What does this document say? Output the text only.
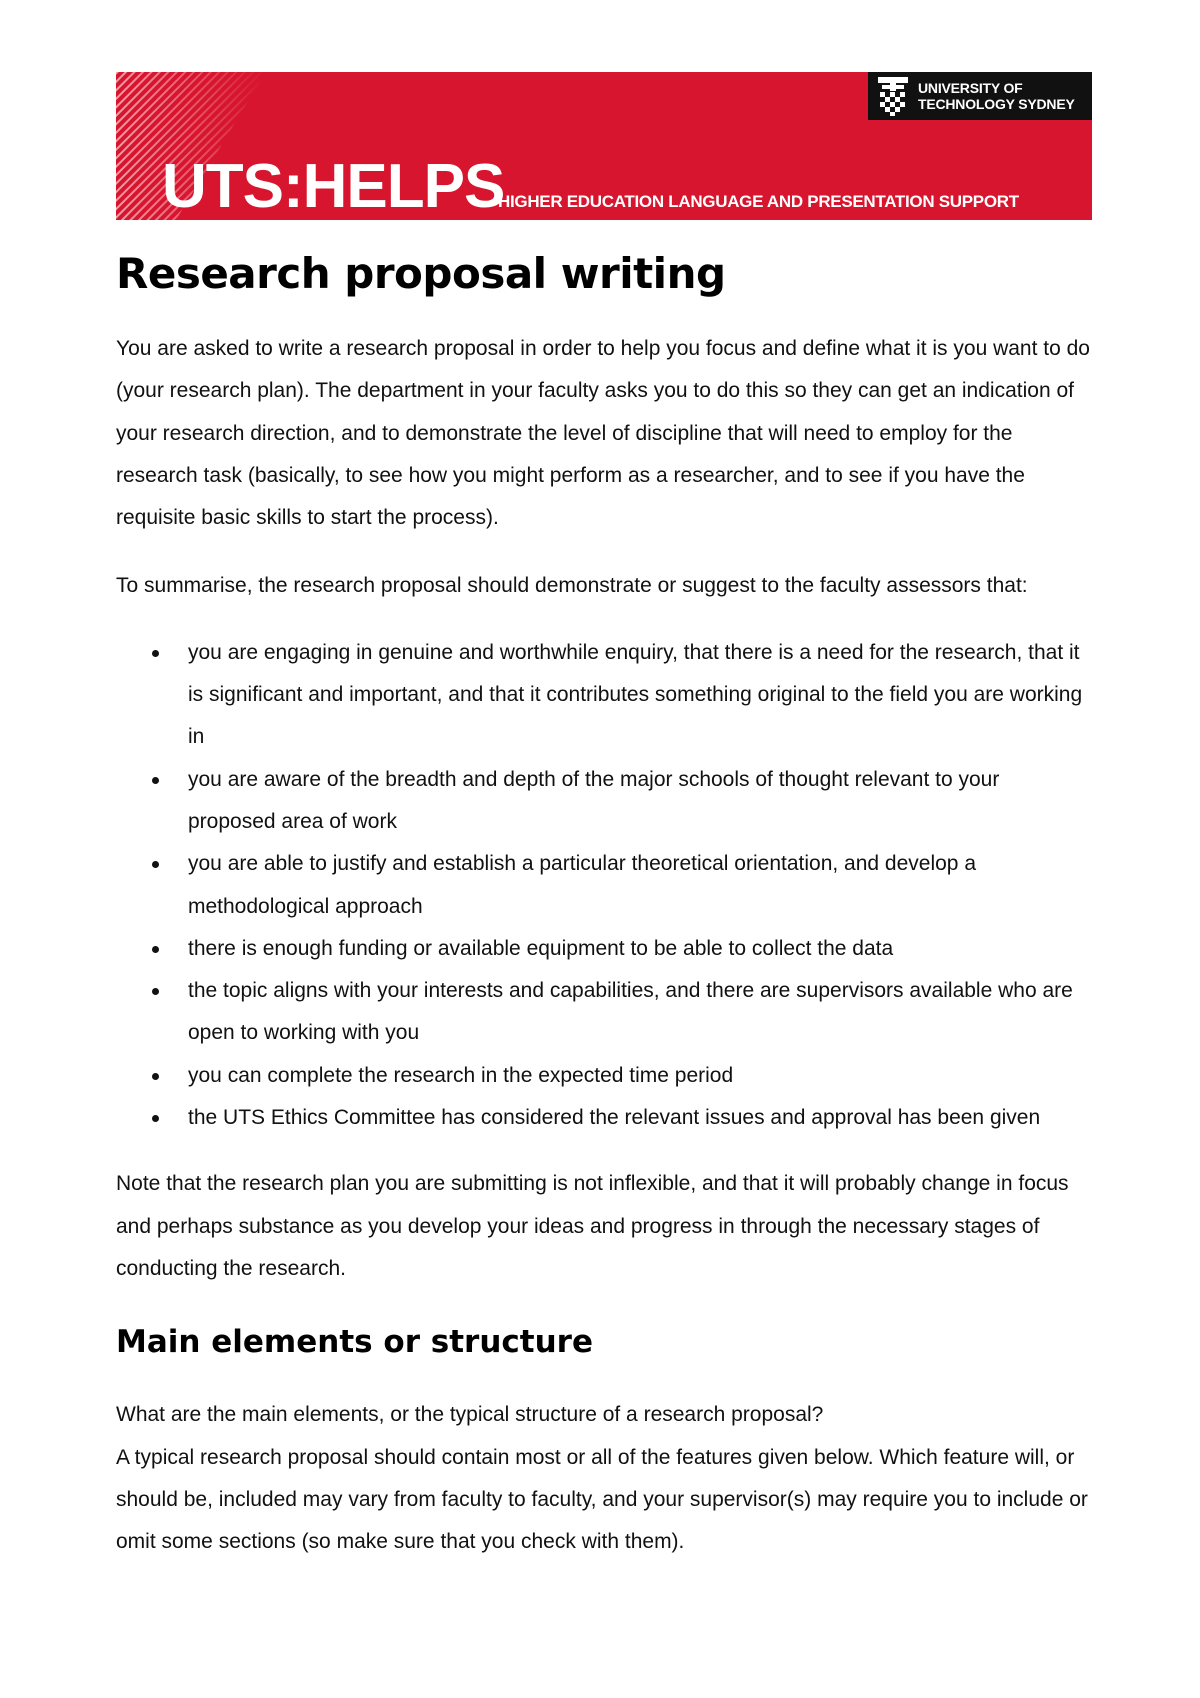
UNIVERSITY OF
TECHNOLOGY SYDNEY
UTS:HELPS
HIGHER EDUCATION LANGUAGE AND PRESENTATION SUPPORT
Research proposal writing

You are asked to write a research proposal in order to help you focus and define what it is you want to do (your research plan). The department in your faculty asks you to do this so they can get an indication of your research direction, and to demonstrate the level of discipline that will need to employ for the research task (basically, to see how you might perform as a researcher, and to see if you have the requisite basic skills to start the process).

To summarise, the research proposal should demonstrate or suggest to the faculty assessors that:

you are engaging in genuine and worthwhile enquiry, that there is a need for the research, that it is significant and important, and that it contributes something original to the field you are working in
you are aware of the breadth and depth of the major schools of thought relevant to your proposed area of work
you are able to justify and establish a particular theoretical orientation, and develop a methodological approach
there is enough funding or available equipment to be able to collect the data
the topic aligns with your interests and capabilities, and there are supervisors available who are open to working with you
you can complete the research in the expected time period
the UTS Ethics Committee has considered the relevant issues and approval has been given

Note that the research plan you are submitting is not inflexible, and that it will probably change in focus and perhaps substance as you develop your ideas and progress in through the necessary stages of conducting the research.

Main elements or structure

What are the main elements, or the typical structure of a research proposal?

A typical research proposal should contain most or all of the features given below. Which feature will, or should be, included may vary from faculty to faculty, and your supervisor(s) may require you to include or omit some sections (so make sure that you check with them).
